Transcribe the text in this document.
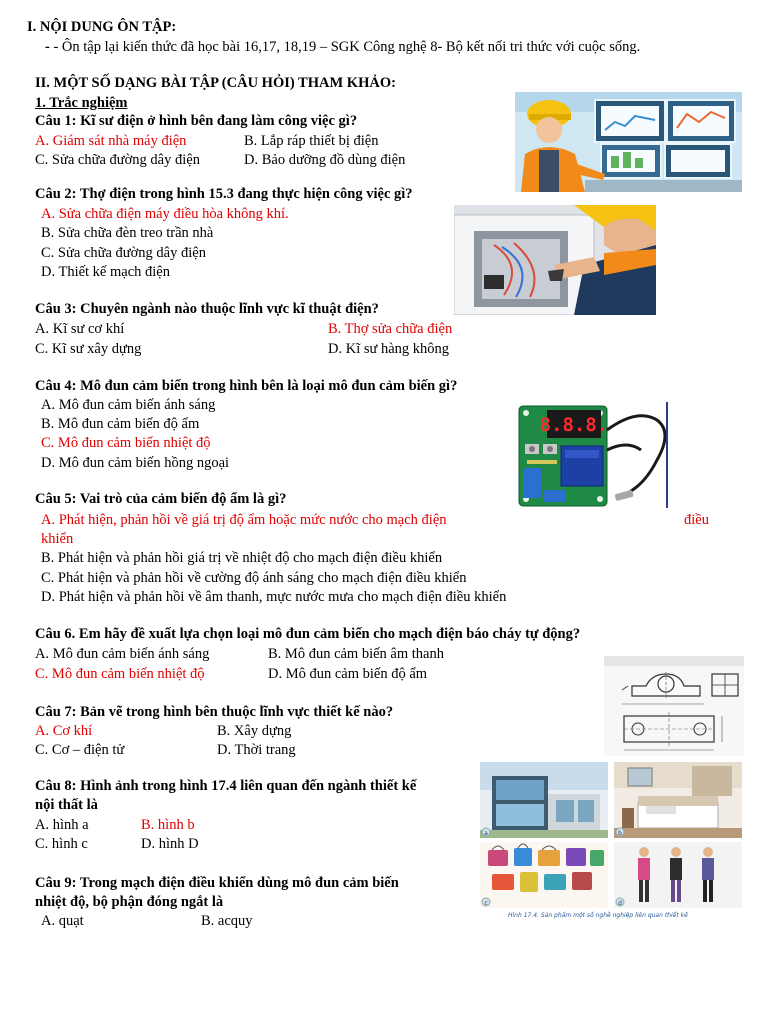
I. NỘI DUNG ÔN TẬP:
- - Ôn tập lại kiến thức đã học bài 16,17, 18,19 – SGK Công nghệ 8- Bộ kết nối tri thức với cuộc sống.
II. MỘT SỐ DẠNG BÀI TẬP (CÂU HỎI) THAM KHẢO:
1. Trắc nghiệm
Câu 1: Kĩ sư điện ở hình bên đang làm công việc gì?
A. Giám sát nhà máy điện	B. Lắp ráp thiết bị điện
C. Sửa chữa đường dây điện	D. Bảo dưỡng đồ dùng điện
Câu 2: Thợ điện trong hình 15.3 đang thực hiện công việc gì?
A. Sửa chữa điện máy điều hòa không khí.
B. Sửa chữa đèn treo trần nhà
C. Sửa chữa đường dây điện
D. Thiết kế mạch điện
Câu 3: Chuyên ngành nào thuộc lĩnh vực kĩ thuật điện?
A. Kĩ sư cơ khí	B. Thợ sửa chữa điện
C. Kĩ sư xây dựng	D. Kĩ sư hàng không
Câu 4: Mô đun cảm biến trong hình bên là loại mô đun cảm biến gì?
A. Mô đun cảm biến ánh sáng
B. Mô đun cảm biến độ ẩm
C. Mô đun cảm biến nhiệt độ
D. Mô đun cảm biến hồng ngoại
Câu 5: Vai trò của cảm biến độ ẩm là gì?
A. Phát hiện, phản hồi về giá trị độ ẩm hoặc mức nước cho mạch điện	điều
khiển
B. Phát hiện và phản hồi giá trị về nhiệt độ cho mạch điện điều khiển
C. Phát hiện và phản hồi về cường độ ánh sáng cho mạch điện điều khiển
D. Phát hiện và phản hồi về âm thanh, mực nước mưa cho mạch điện điều khiển
Câu 6. Em hãy đề xuất lựa chọn loại mô đun cảm biến cho mạch điện báo cháy tự động?
A. Mô đun cảm biến ánh sáng	B. Mô đun cảm biến âm thanh
C. Mô đun cảm biến nhiệt độ	D. Mô đun cảm biến độ ẩm
Câu 7: Bản vẽ trong hình bên thuộc lĩnh vực thiết kế nào?
A. Cơ khí	B. Xây dựng
C. Cơ – điện tử	D. Thời trang
Câu 8: Hình ảnh trong hình 17.4 liên quan đến ngành thiết kế
nội thất là
A. hình a	B. hình b
C. hình c	D. hình D
Câu 9: Trong mạch điện điều khiển dùng mô đun cảm biến
nhiệt độ, bộ phận đóng ngắt là
A. quạt	B. acquy
8.8.8.
a	b
c	d
Hình 17.4. Sản phẩm một số nghề nghiệp liên quan thiết kế
